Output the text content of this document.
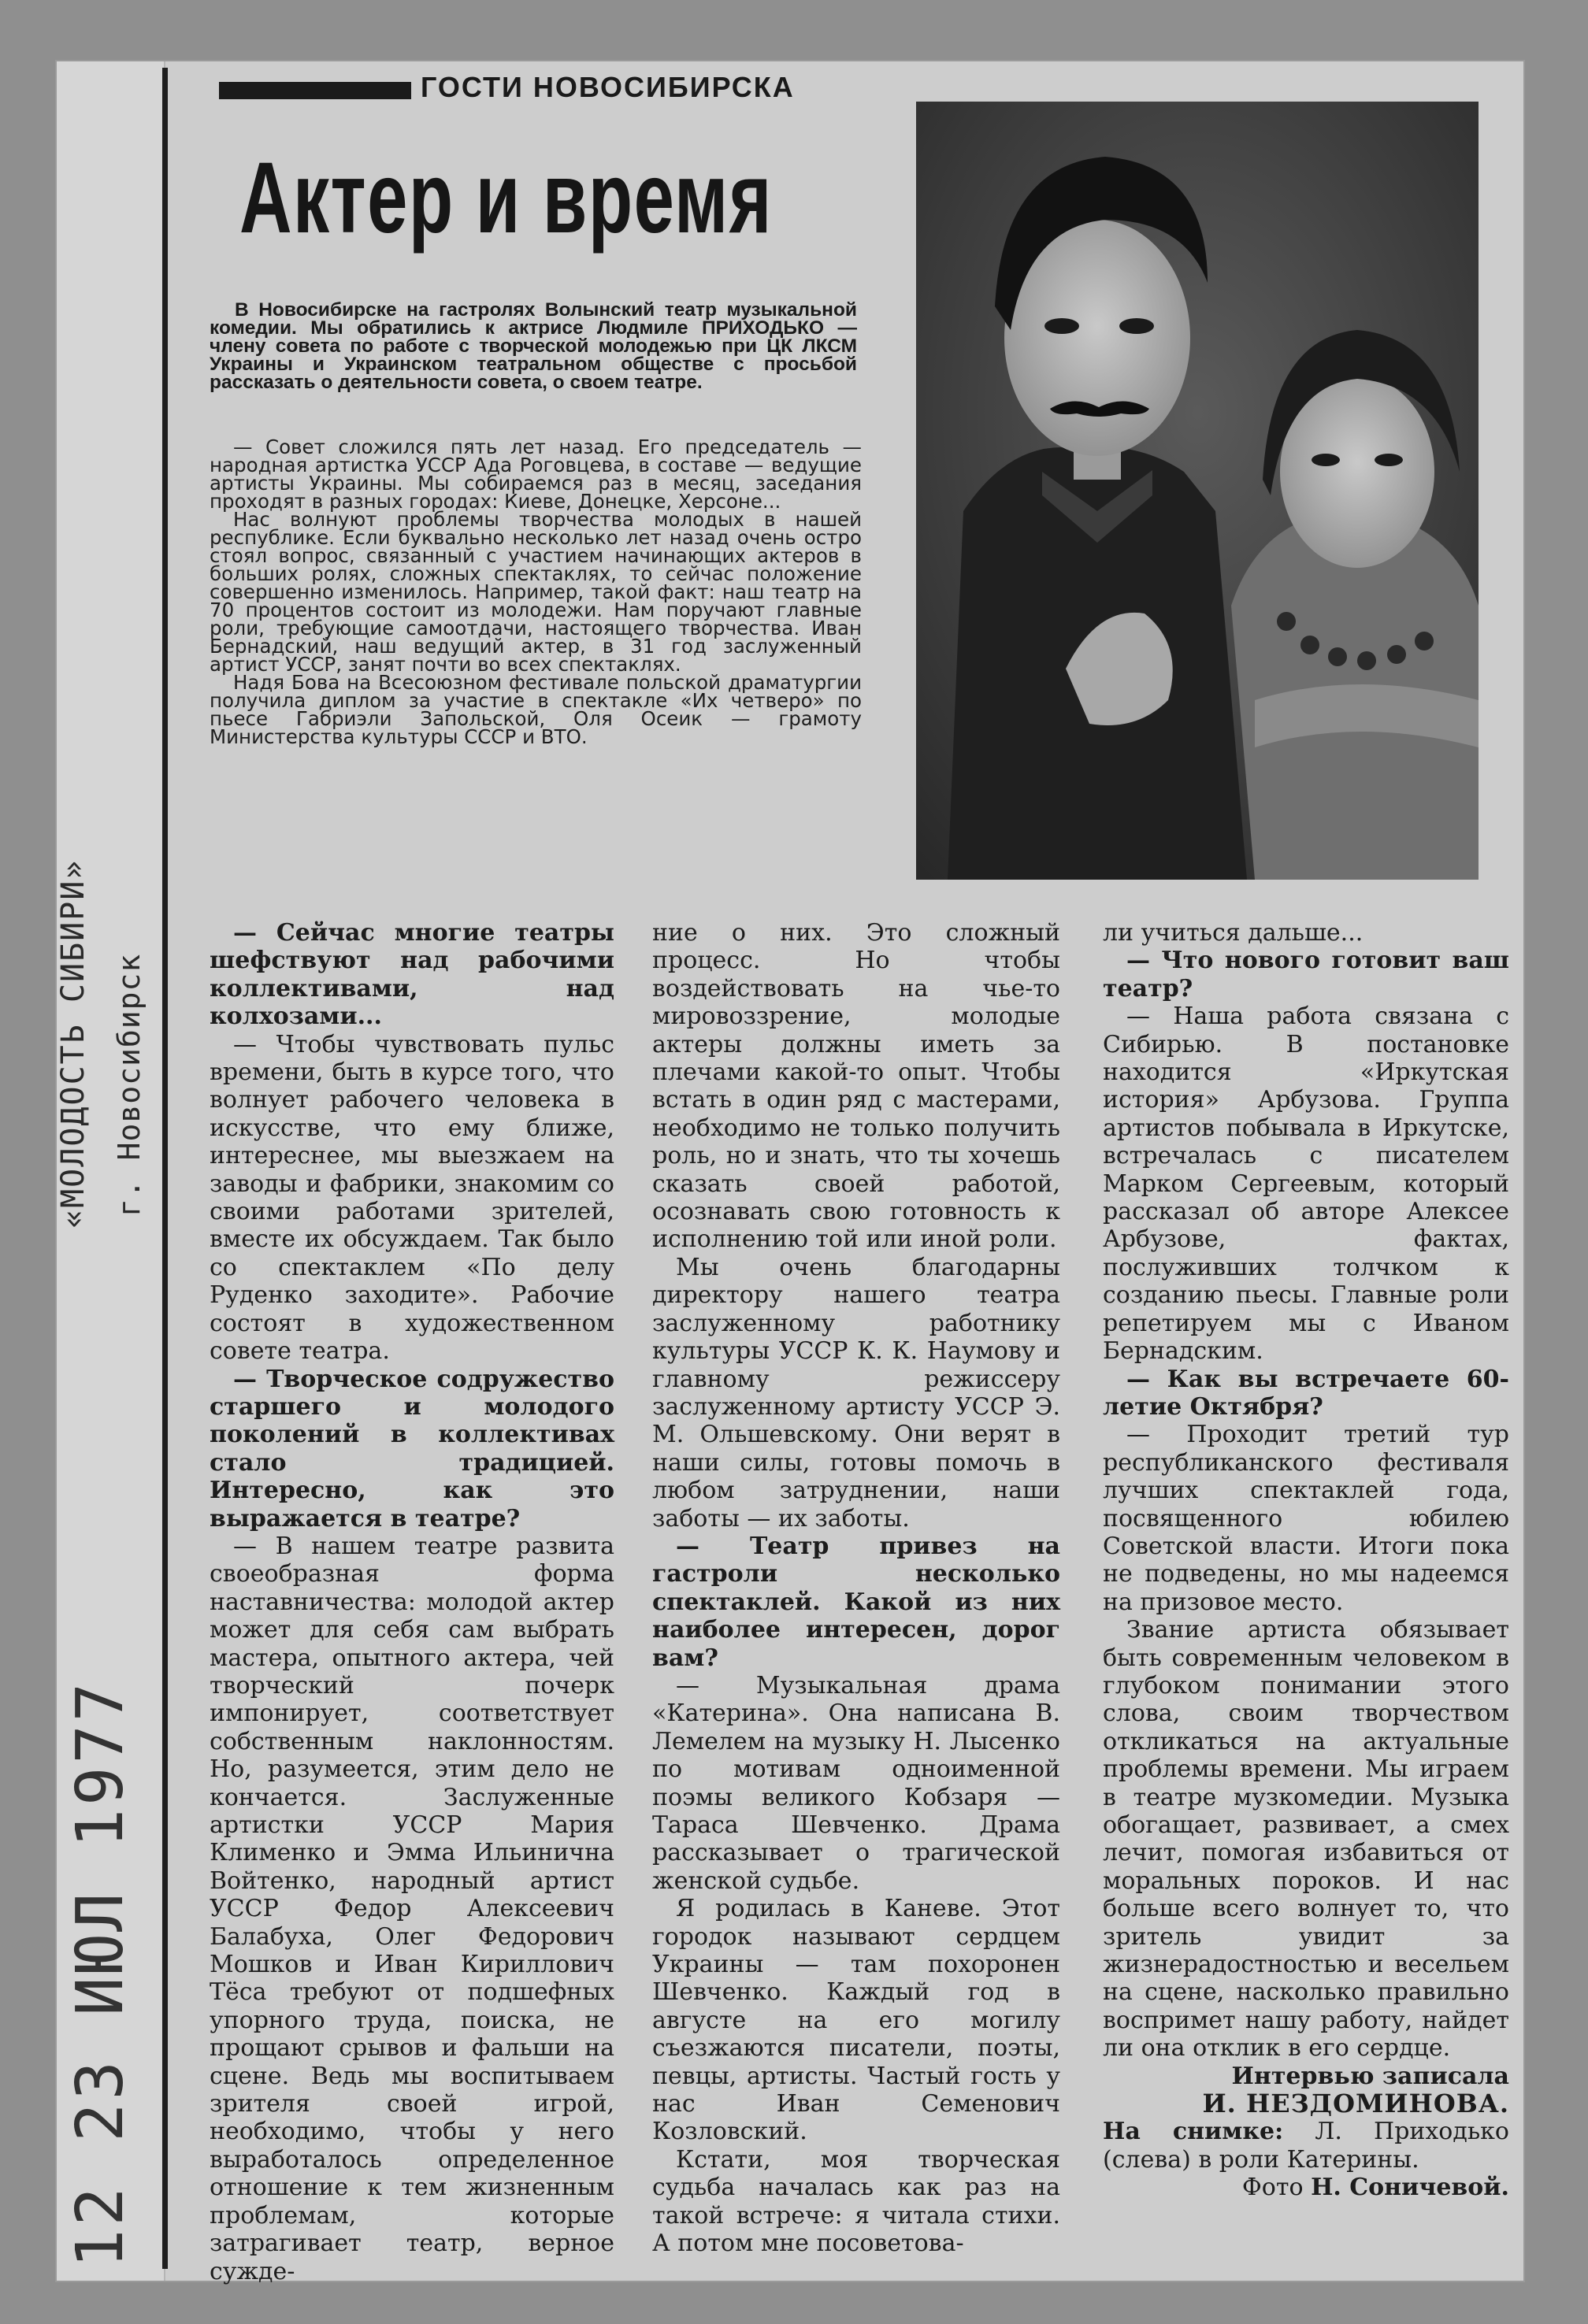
«МОЛОДОСТЬ СИБИРИ» г. Новосибирск
12 23 ИЮЛ 1977
ГОСТИ НОВОСИБИРСКА
Актер и время
В Новосибирске на гастролях Волынский театр музыкальной комедии. Мы обратились к актрисе Людмиле ПРИХОДЬКО — члену совета по работе с творческой молодежью при ЦК ЛКСМ Украины и Украинском театральном обществе с просьбой рассказать о деятельности совета, о своем театре.

— Совет сложился пять лет назад. Его председатель — народная артистка УССР Ада Роговцева, в составе — ведущие артисты Украины. Мы собираемся раз в месяц, заседания проходят в разных городах: Киеве, Донецке, Херсоне...

Нас волнуют проблемы творчества молодых в нашей республике. Если буквально несколько лет назад очень остро стоял вопрос, связанный с участием начинающих актеров в больших ролях, сложных спектаклях, то сейчас положение совершенно изменилось. Например, такой факт: наш театр на 70 процентов состоит из молодежи. Нам поручают главные роли, требующие самоотдачи, настоящего творчества. Иван Бернадский, наш ведущий актер, в 31 год заслуженный артист УССР, занят почти во всех спектаклях.

Надя Бова на Всесоюзном фестивале польской драматургии получила диплом за участие в спектакле «Их четверо» по пьесе Габриэли Запольской, Оля Осеик — грамоту Министерства культуры СССР и ВТО.

— Сейчас многие театры шефствуют над рабочими коллективами, над колхозами...

— Чтобы чувствовать пульс времени, быть в курсе того, что волнует рабочего человека в искусстве, что ему ближе, интереснее, мы выезжаем на заводы и фабрики, знакомим со своими работами зрителей, вместе их обсуждаем. Так было со спектаклем «По делу Руденко заходите». Рабочие состоят в художественном совете театра.

— Творческое содружество старшего и молодого поколений в коллективах стало традицией. Интересно, как это выражается в театре?

— В нашем театре развита своеобразная форма наставничества: молодой актер может для себя сам выбрать мастера, опытного актера, чей творческий почерк импонирует, соответствует собственным наклонностям. Но, разумеется, этим дело не кончается. Заслуженные артистки УССР Мария Клименко и Эмма Ильинична Войтенко, народный артист УССР Федор Алексеевич Балабуха, Олег Федорович Мошков и Иван Кириллович Тёса требуют от подшефных упорного труда, поиска, не прощают срывов и фальши на сцене. Ведь мы воспитываем зрителя своей игрой, необходимо, чтобы у него выработалось определенное отношение к тем жизненным проблемам, которые затрагивает театр, верное сужде-

ние о них. Это сложный процесс. Но чтобы воздействовать на чье-то мировоззрение, молодые актеры должны иметь за плечами какой-то опыт. Чтобы встать в один ряд с мастерами, необходимо не только получить роль, но и знать, что ты хочешь сказать своей работой, осознавать свою готовность к исполнению той или иной роли.

Мы очень благодарны директору нашего театра заслуженному работнику культуры УССР К. К. Наумову и главному режиссеру заслуженному артисту УССР Э. М. Ольшевскому. Они верят в наши силы, готовы помочь в любом затруднении, наши заботы — их заботы.

— Театр привез на гастроли несколько спектаклей. Какой из них наиболее интересен, дорог вам?

— Музыкальная драма «Катерина». Она написана В. Лемелем на музыку Н. Лысенко по мотивам одноименной поэмы великого Кобзаря — Тараса Шевченко. Драма рассказывает о трагической женской судьбе.

Я родилась в Каневе. Этот городок называют сердцем Украины — там похоронен Шевченко. Каждый год в августе на его могилу съезжаются писатели, поэты, певцы, артисты. Частый гость у нас Иван Семенович Козловский.

Кстати, моя творческая судьба началась как раз на такой встрече: я читала стихи. А потом мне посоветова-

ли учиться дальше...

— Что нового готовит ваш театр?

— Наша работа связана с Сибирью. В постановке находится «Иркутская история» Арбузова. Группа артистов побывала в Иркутске, встречалась с писателем Марком Сергеевым, который рассказал об авторе Алексее Арбузове, фактах, послуживших толчком к созданию пьесы. Главные роли репетируем мы с Иваном Бернадским.

— Как вы встречаете 60-летие Октября?

— Проходит третий тур республиканского фестиваля лучших спектаклей года, посвященного юбилею Советской власти. Итоги пока не подведены, но мы надеемся на призовое место.

Звание артиста обязывает быть современным человеком в глубоком понимании этого слова, своим творчеством откликаться на актуальные проблемы времени. Мы играем в театре музкомедии. Музыка обогащает, развивает, а смех лечит, помогая избавиться от моральных пороков. И нас больше всего волнует то, что зритель увидит за жизнерадостностью и весельем на сцене, насколько правильно воспримет нашу работу, найдет ли она отклик в его сердце.

Интервью записала

И. НЕЗДОМИНОВА.

На снимке: Л. Приходько (слева) в роли Катерины.

Фото Н. Соничевой.
